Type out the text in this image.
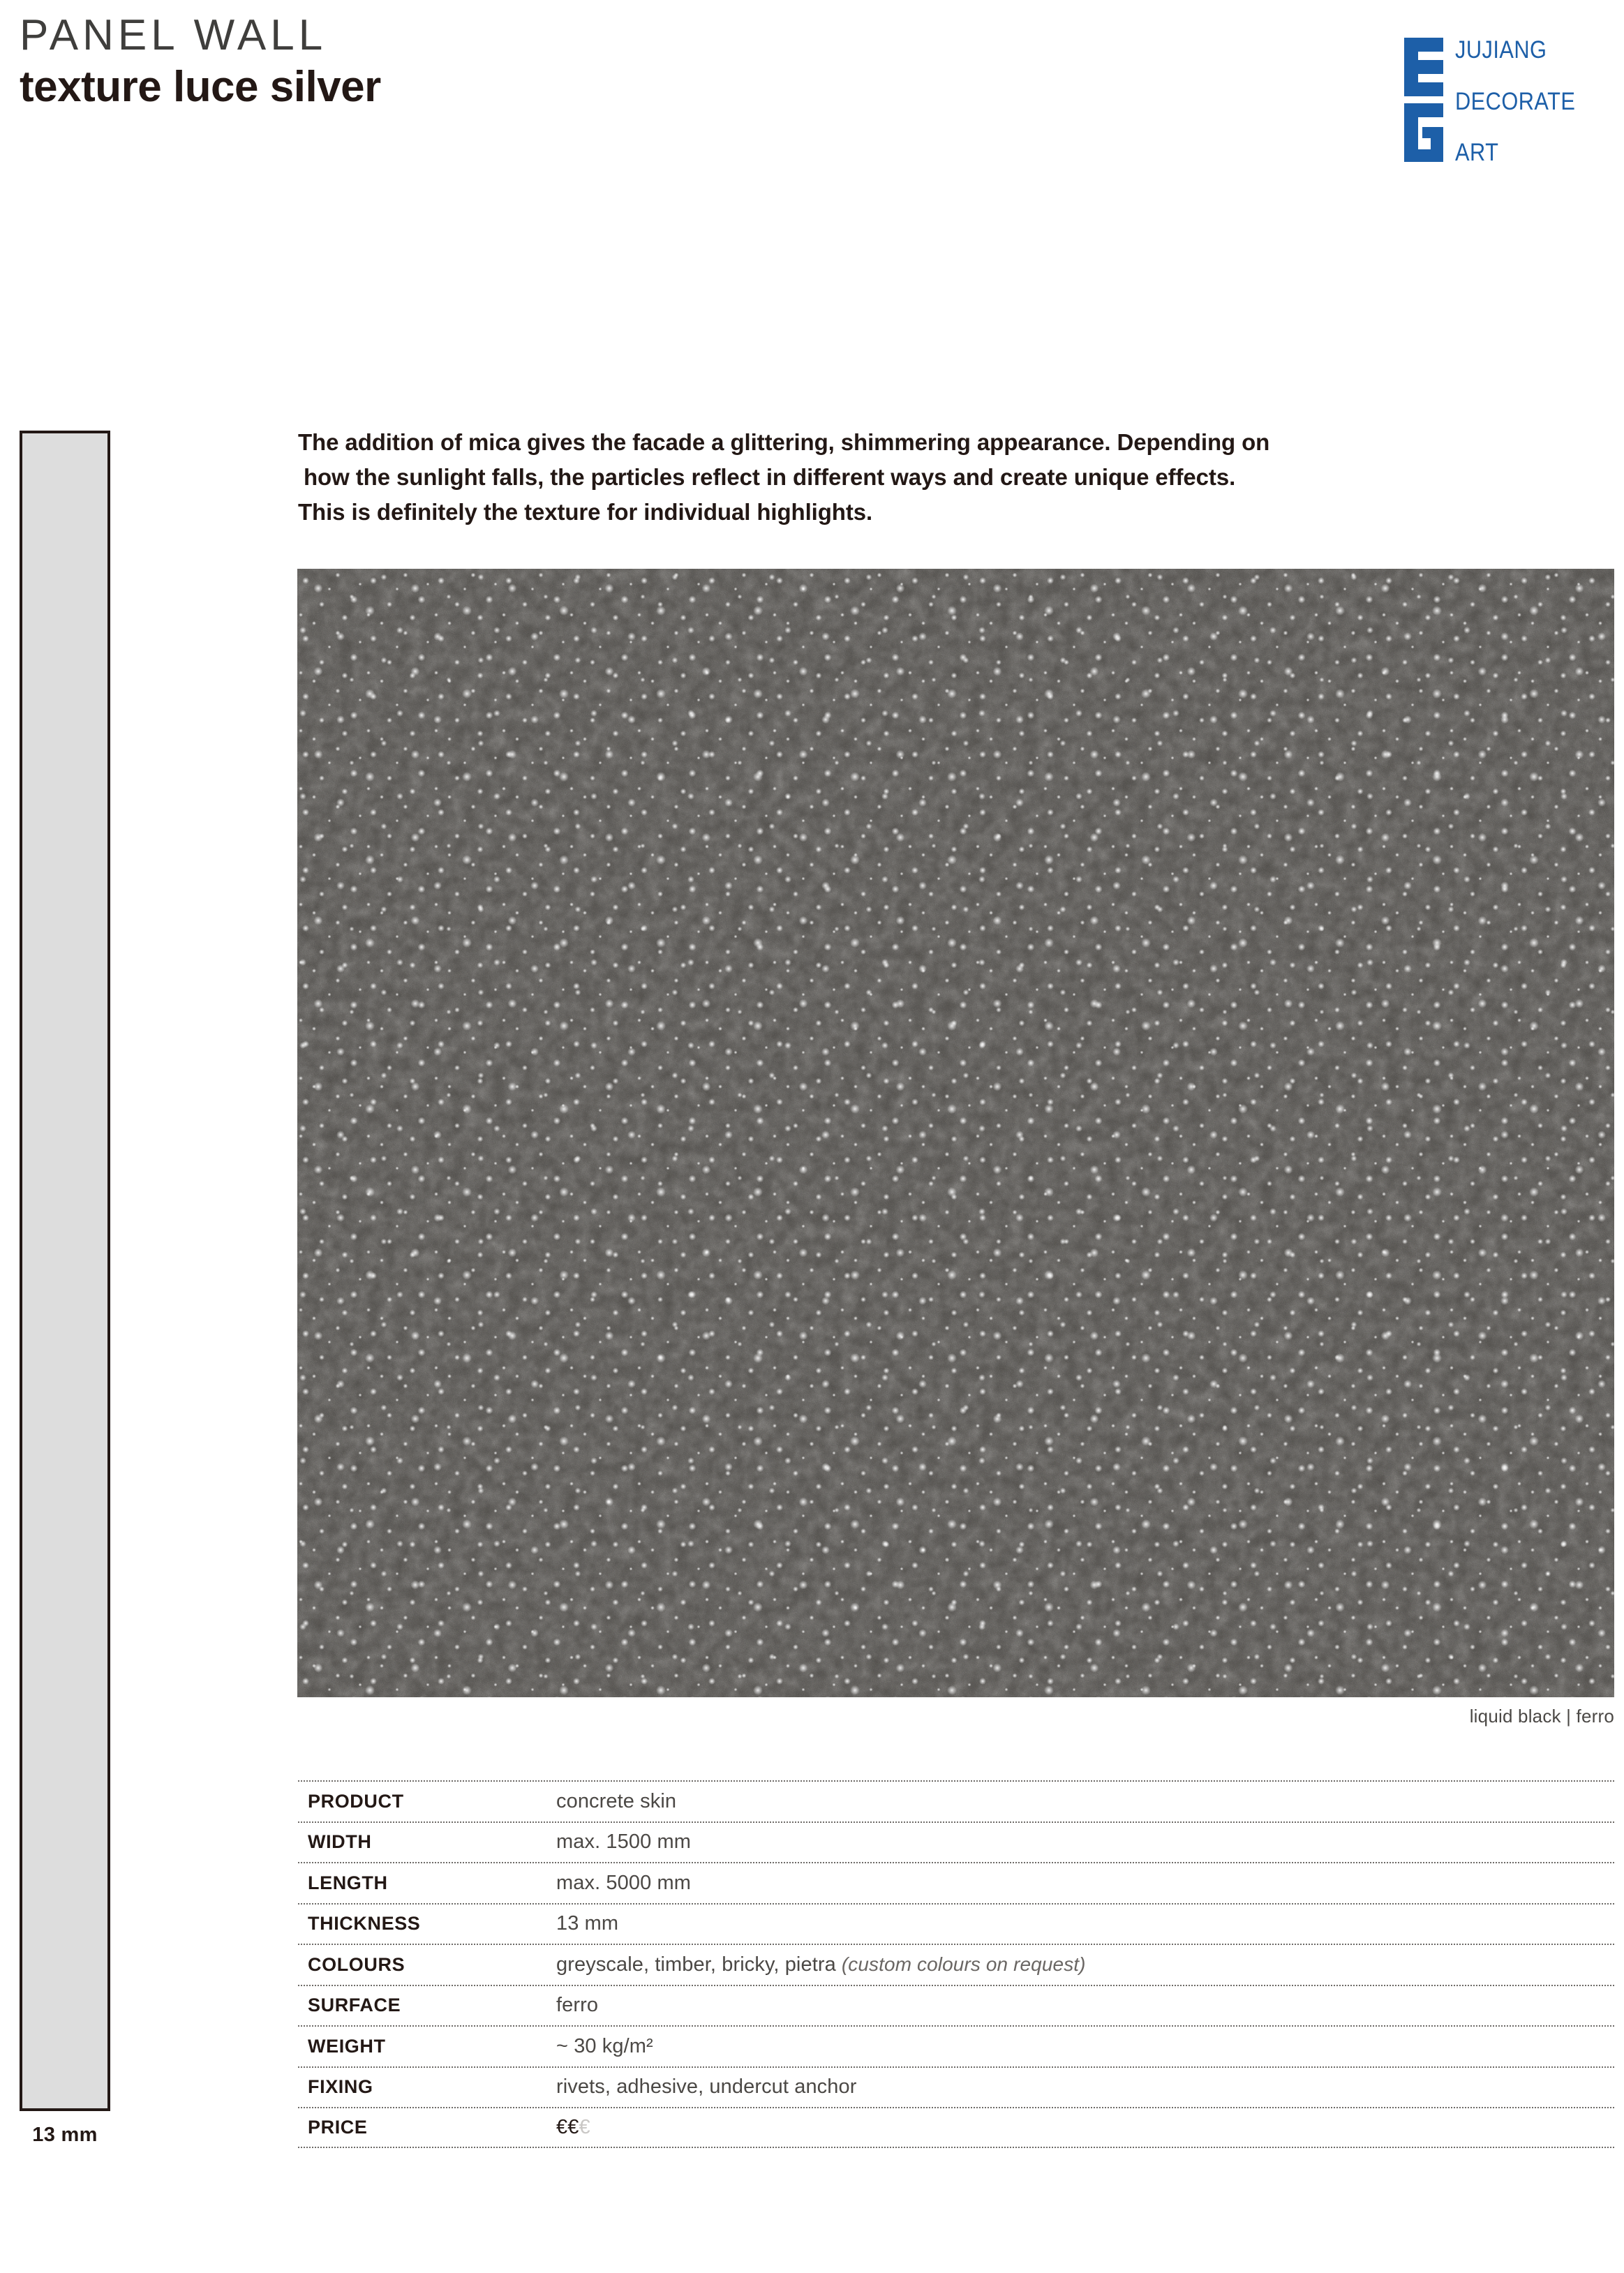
PANEL WALL
texture luce silver
JUJIANG
DECORATE
ART
13 mm
The addition of mica gives the facade a glittering, shimmering appearance. Depending on
how the sunlight falls, the particles reflect in different ways and create unique effects.
This is definitely the texture for individual highlights.
liquid black | ferro
PRODUCT	concrete skin
WIDTH	max. 1500 mm
LENGTH	max. 5000 mm
THICKNESS	13 mm
COLOURS	greyscale, timber, bricky, pietra (custom colours on request)
SURFACE	ferro
WEIGHT	~ 30 kg/m²
FIXING	rivets, adhesive, undercut anchor
PRICE	€€€
